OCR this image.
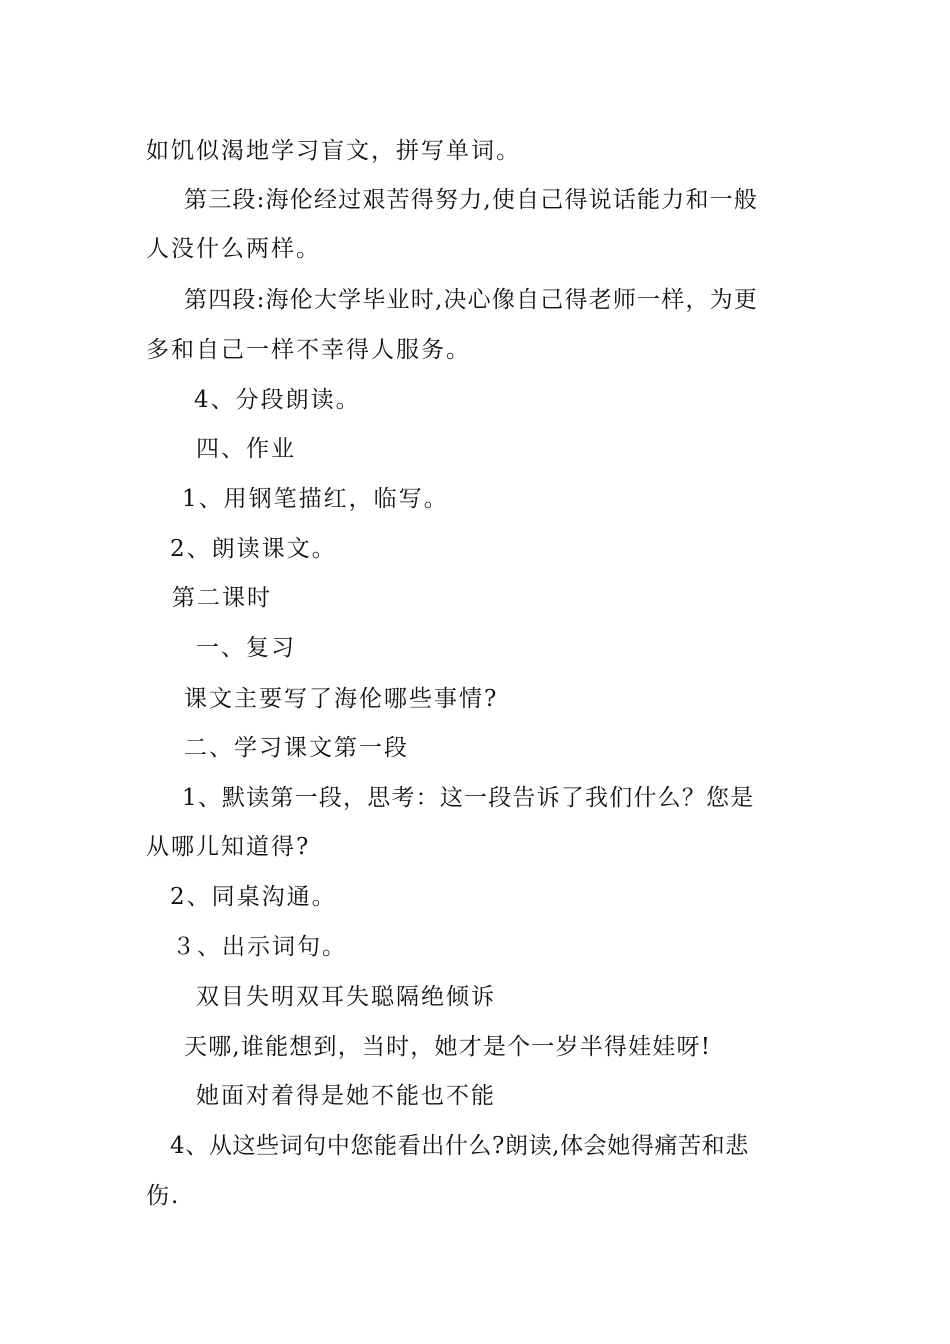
如饥似渴地学习盲文，拼写单词。
第三段:海伦经过艰苦得努力,使自己得说话能力和一般
人没什么两样。
第四段:海伦大学毕业时,决心像自己得老师一样，为更
多和自己一样不幸得人服务。
4、分段朗读。
四、作业
1、用钢笔描红，临写。
2、朗读课文。
第二课时
一、复习
课文主要写了海伦哪些事情?
二、学习课文第一段
1、默读第一段，思考：这一段告诉了我们什么？您是
从哪儿知道得?
2、同桌沟通。
３、出示词句。
双目失明双耳失聪隔绝倾诉
天哪,谁能想到，当时，她才是个一岁半得娃娃呀!
她面对着得是她不能也不能
4、从这些词句中您能看出什么?朗读,体会她得痛苦和悲
伤.
